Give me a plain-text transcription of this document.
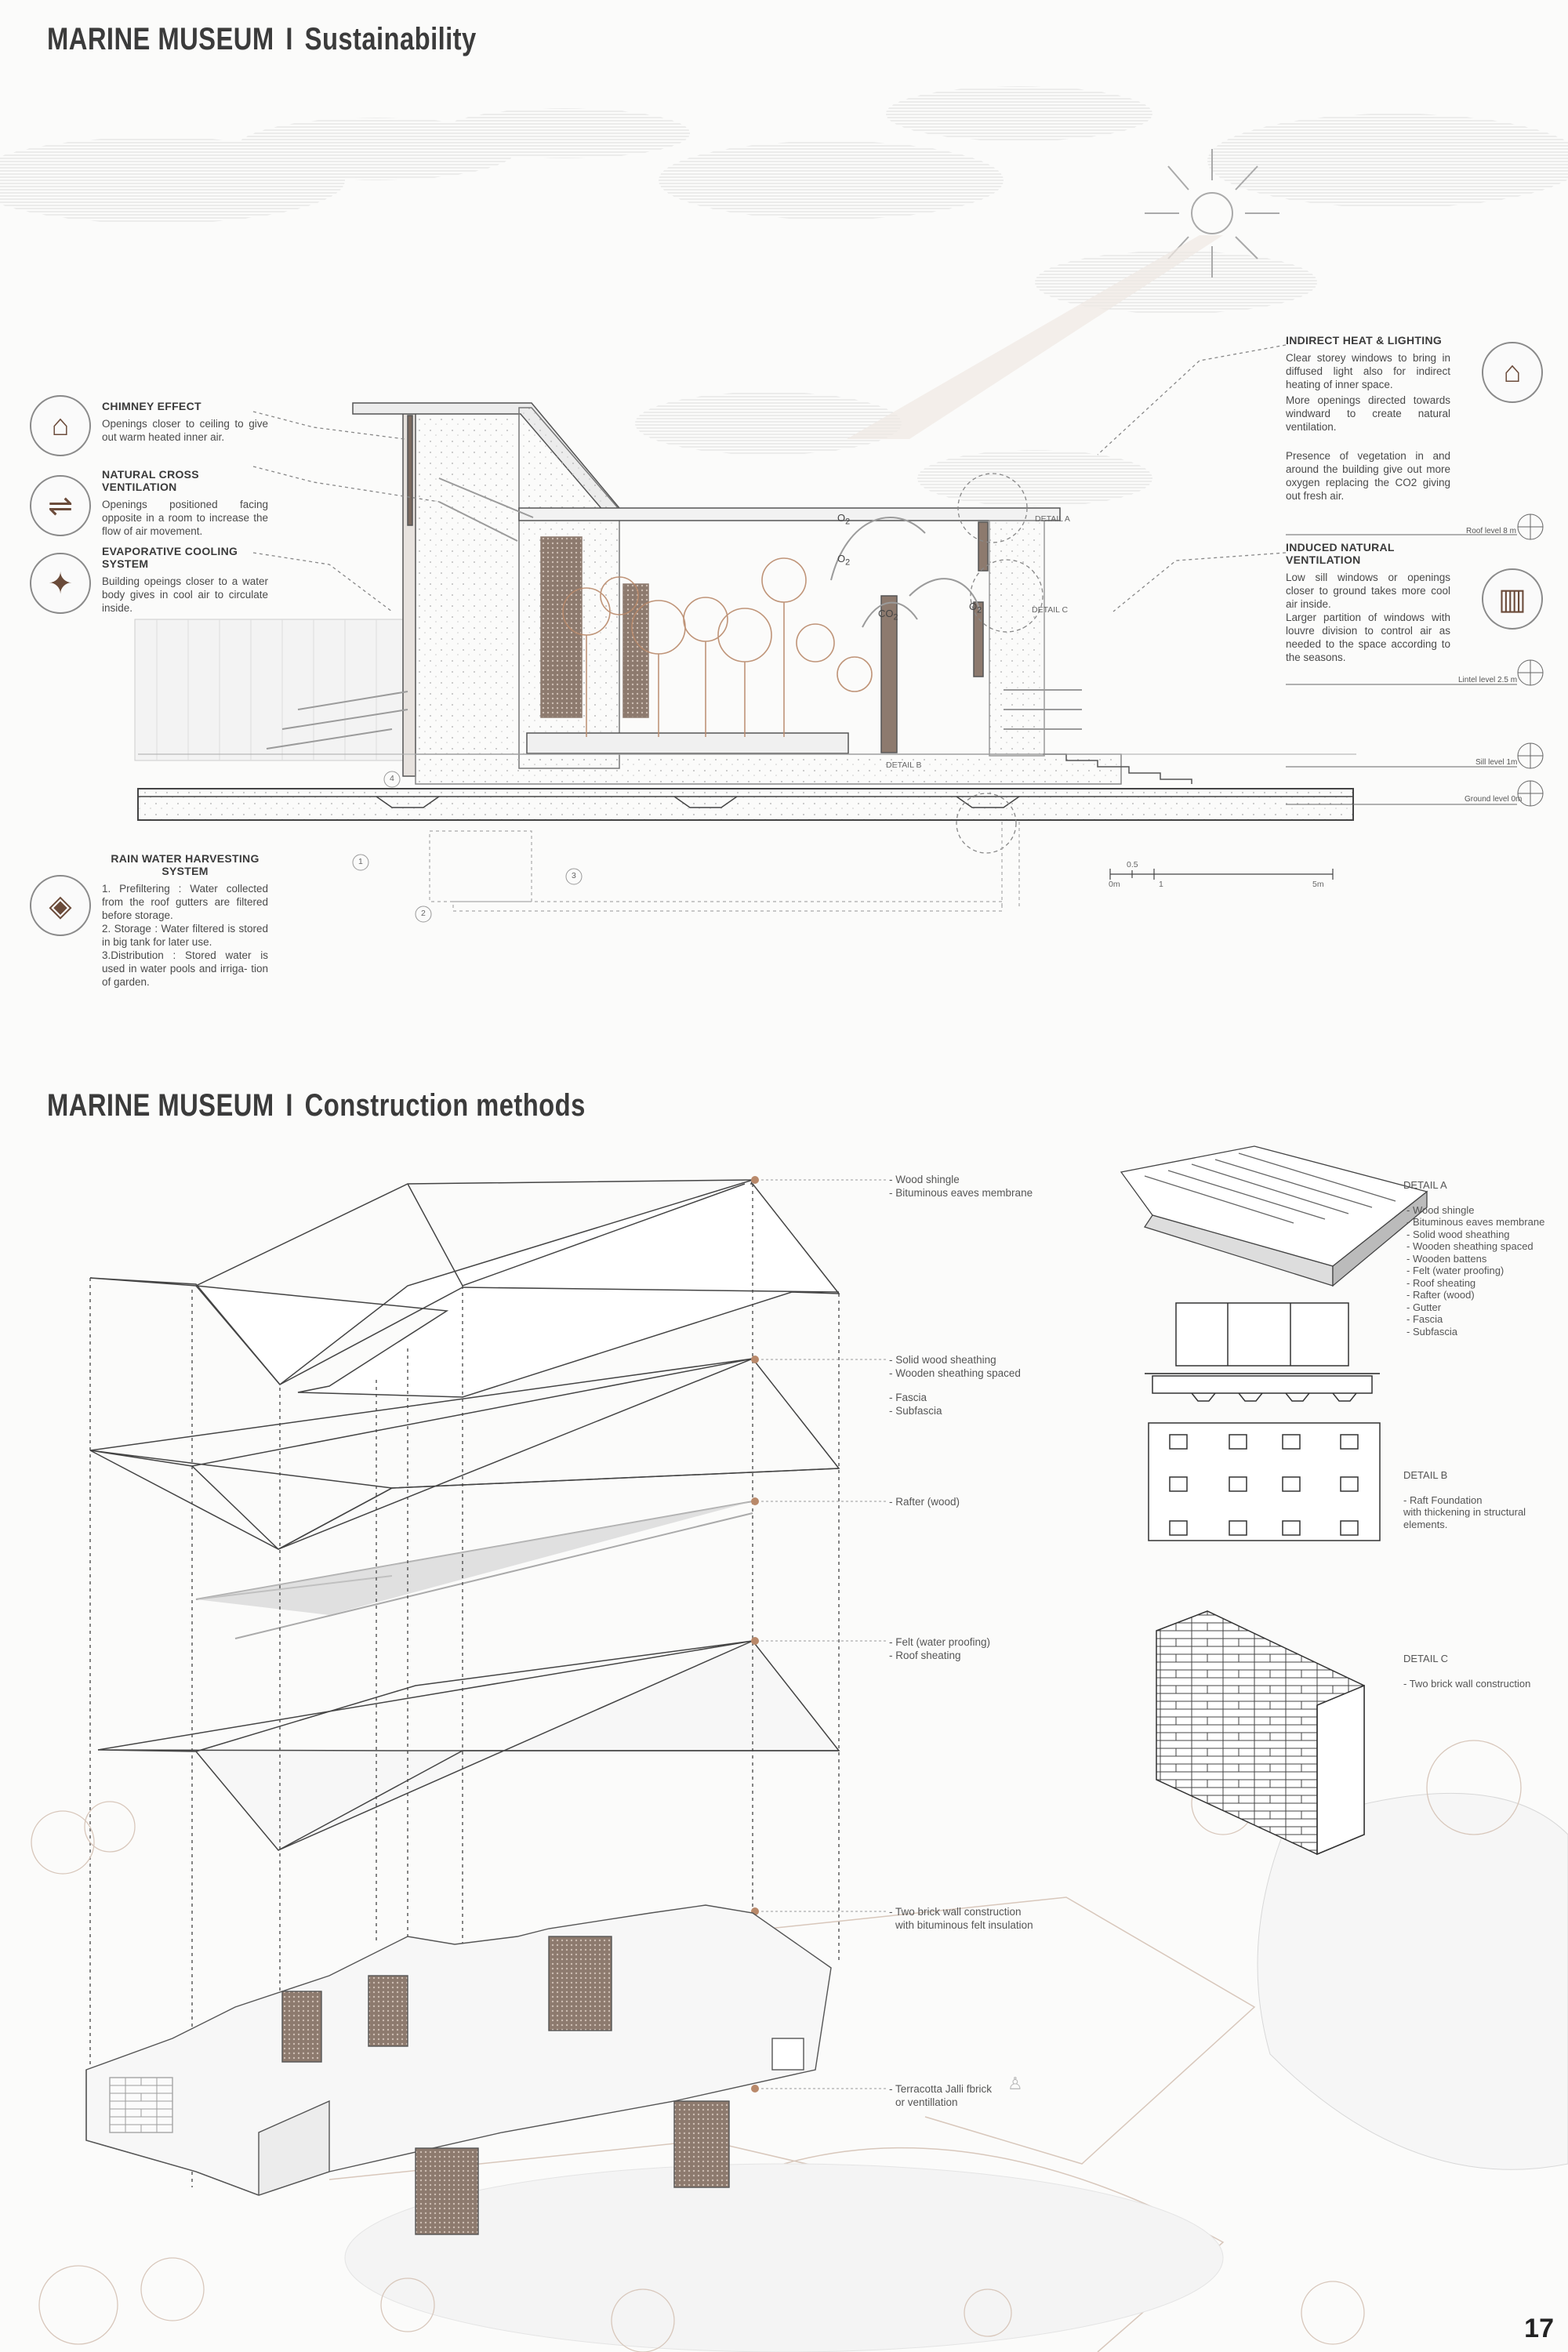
MARINE MUSEUM I Sustainability
MARINE MUSEUM I Construction methods
♙
⌂
CHIMNEY EFFECT
Openings closer to ceiling to give out warm heated inner air.
⇌
NATURAL CROSS VENTILATION
Openings positioned facing opposite in a room to increase the flow of air movement.
✦
EVAPORATIVE COOLING SYSTEM
Building opeings closer to a water body gives in cool air to circulate inside.
◈
RAIN WATER HARVESTING SYSTEM
1. Prefiltering : Water collected from the roof gutters are filtered before storage.
2. Storage : Water filtered is stored in big tank for later use.
3.Distribution : Stored water is used in water pools and irriga- tion of garden.
INDIRECT HEAT & LIGHTING
Clear storey windows to bring in diffused light also for indirect heating of inner space.
More openings directed towards windward to create natural ventilation.
Presence of vegetation in and around the building give out more oxygen replacing the CO2 giving out fresh air.
⌂
INDUCED NATURAL VENTILATION
Low sill windows or openings closer to ground takes more cool air inside.
Larger partition of windows with louvre division to control air as needed to the space according to the seasons.
▥
Roof level 8 m
Lintel level 2.5 m
Sill level 1m
Ground level 0m
DETAIL A
DETAIL C
DETAIL B
$O_2$
$O_2$
$O_2$
$CO_2$
1
2
3
4
0.5
0m	1	5m
- Wood shingle
- Bituminous eaves membrane
- Solid wood sheathing
- Wooden sheathing spaced
- Fascia
- Subfascia
- Rafter (wood)
- Felt (water proofing)
- Roof sheating
- Two brick wall construction
with bituminous felt insulation
- Terracotta Jalli fbrick
or ventillation
DETAIL A
- Wood shingle
- Bituminous eaves membrane
- Solid wood sheathing
- Wooden sheathing spaced
- Wooden battens
- Felt (water proofing)
- Roof sheating
- Rafter (wood)
- Gutter
- Fascia
- Subfascia
DETAIL B
- Raft Foundation
with thickening in structural
elements.
DETAIL C
- Two brick wall construction
17
